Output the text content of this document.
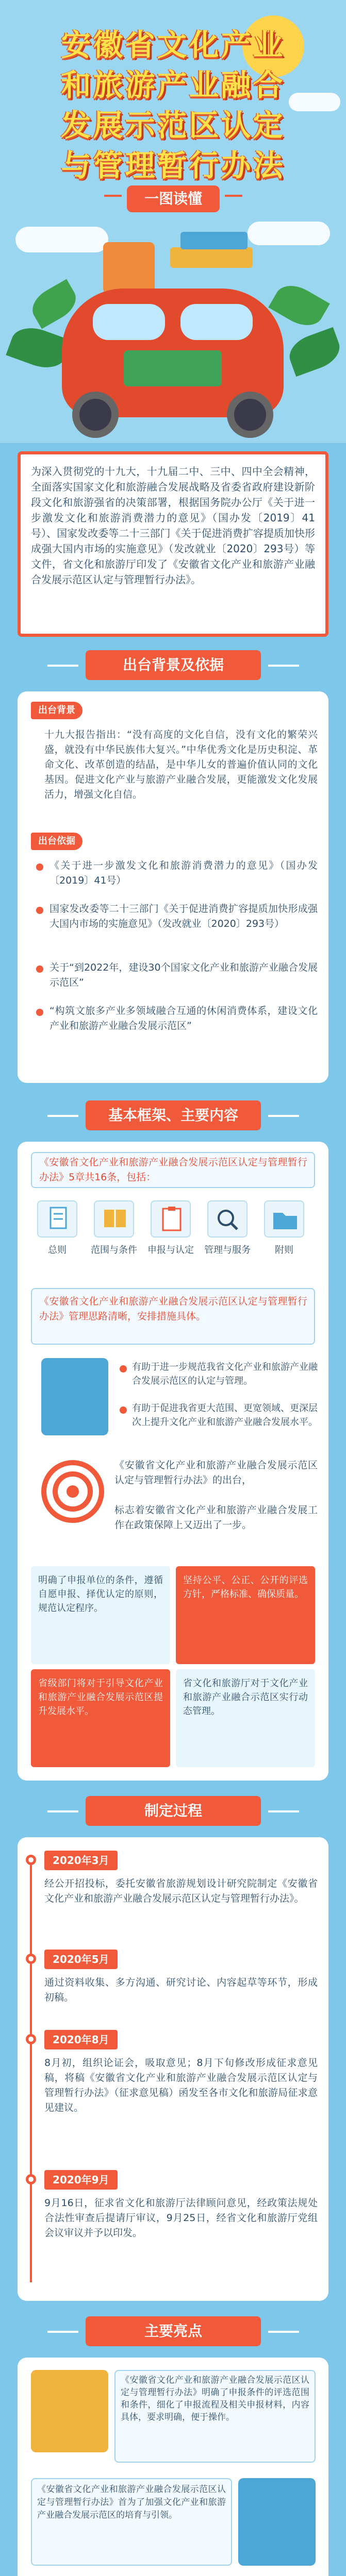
安徽省文化产业
和旅游产业融合
发展示范区认定
与管理暂行办法
一图读懂

为深入贯彻党的十九大，十九届二中、三中、四中全会精神，全面落实国家文化和旅游融合发展战略及省委省政府建设新阶段文化和旅游强省的决策部署，根据国务院办公厅《关于进一步激发文化和旅游消费潜力的意见》（国办发〔2019〕41号）、国家发改委等二十三部门《关于促进消费扩容提质加快形成强大国内市场的实施意见》（发改就业〔2020〕293号）等文件，省文化和旅游厅印发了《安徽省文化产业和旅游产业融合发展示范区认定与管理暂行办法》。

出台背景及依据
出台背景
十九大报告指出：“没有高度的文化自信，没有文化的繁荣兴盛，就没有中华民族伟大复兴。”中华优秀文化是历史积淀、革命文化、改革创造的结晶，是中华儿女的普遍价值认同的文化基因。促进文化产业与旅游产业融合发展，更能激发文化发展活力，增强文化自信。
出台依据
《关于进一步激发文化和旅游消费潜力的意见》（国办发〔2019〕41号）
国家发改委等二十三部门《关于促进消费扩容提质加快形成强大国内市场的实施意见》（发改就业〔2020〕293号）
关于“到2022年，建设30个国家文化产业和旅游产业融合发展示范区”
“构筑文旅多产业多领域融合互通的休闲消费体系，建设文化产业和旅游产业融合发展示范区”
基本框架、主要内容
《安徽省文化产业和旅游产业融合发展示范区认定与管理暂行办法》5章共16条，包括：
总则	范围与条件 申报与认定 管理与服务	附则
《安徽省文化产业和旅游产业融合发展示范区认定与管理暂行办法》管理思路清晰，安排措施具体。
有助于进一步规范我省文化产业和旅游产业融合发展示范区的认定与管理。
有助于促进我省更大范围、更宽领域、更深层次上提升文化产业和旅游产业融合发展水平。
《安徽省文化产业和旅游产业融合发展示范区认定与管理暂行办法》的出台，
标志着安徽省文化产业和旅游产业融合发展工作在政策保障上又迈出了一步。
明确了申报单位的条件，遵循自愿申报、择优认定的原则，规范认定程序。
坚持公平、公正、公开的评选方针，严格标准、确保质量。
省级部门将对于引导文化产业和旅游产业融合发展示范区提升发展水平。
省文化和旅游厅对于文化产业和旅游产业融合示范区实行动态管理。
制定过程
2020年3月
经公开招投标，委托安徽省旅游规划设计研究院制定《安徽省文化产业和旅游产业融合发展示范区认定与管理暂行办法》。
2020年5月
通过资料收集、多方沟通、研究讨论、内容起草等环节，形成初稿。
2020年8月
8月初，组织论证会，吸取意见；8月下旬修改形成征求意见稿，将稿《安徽省文化产业和旅游产业融合发展示范区认定与管理暂行办法》（征求意见稿）函发至各市文化和旅游局征求意见建议。
2020年9月
9月16日，征求省文化和旅游厅法律顾问意见，经政策法规处合法性审查后提请厅审议，9月25日，经省文化和旅游厅党组会议审议并予以印发。
主要亮点
《安徽省文化产业和旅游产业融合发展示范区认定与管理暂行办法》明确了申报条件的评选范围和条件，细化了申报流程及相关申报材料，内容具体，要求明确，便于操作。
《安徽省文化产业和旅游产业融合发展示范区认定与管理暂行办法》首为了加强文化产业和旅游产业融合发展示范区的培育与引领。
